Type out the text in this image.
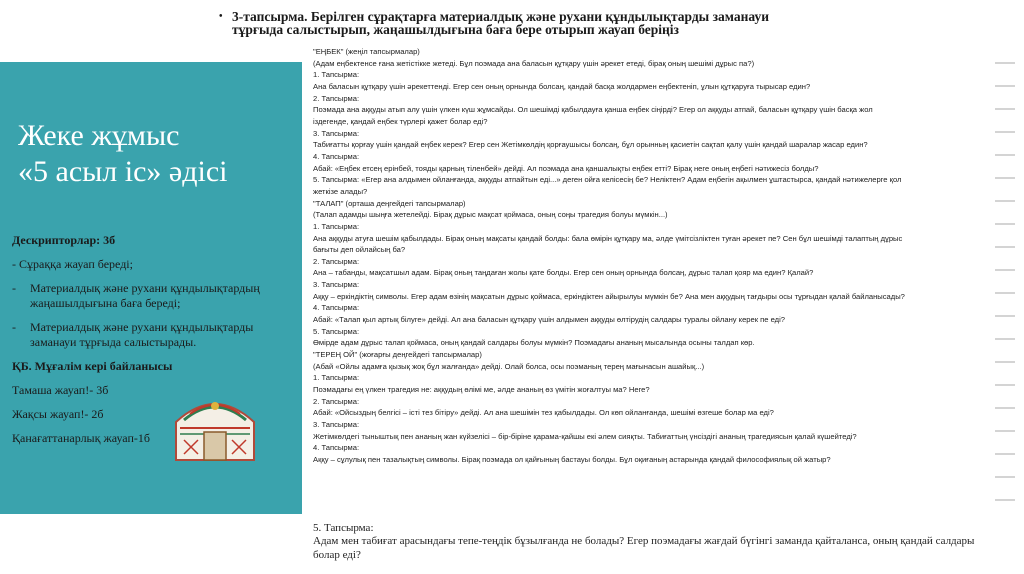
• 3-тапсырма. Берілген сұрақтарға материалдық және рухани құндылықтарды заманауи тұрғыда салыстырып, жаңашылдығына баға бере отырып жауап беріңіз
Жеке жұмыс
«5 асыл іс» әдісі
Дескрипторлар: 3б
- Сұраққа жауап береді;
- Материалдық және рухани құндылықтардың жаңашылдығына баға береді;
- Материалдық және рухани құндылықтарды заманауи тұрғыда салыстырады.
ҚБ. Мұғалім кері байланысы
Тамаша жауап!- 3б
Жақсы жауап!- 2б
Қанағаттанарлық жауап-1б

"ЕҢБЕК" (жеңіл тапсырмалар)

(Адам еңбектенсе ғана жетістікке жетеді. Бұл поэмада ана баласын құтқару үшін әрекет етеді, бірақ оның шешімі дұрыс па?)

1. Тапсырма:

Ана баласын құтқару үшін әрекеттенді. Егер сен оның орнында болсаң, қандай басқа жолдармен еңбектеніп, ұлын құтқаруға тырысар един?

2. Тапсырма:

Поэмада ана аққуды атып алу үшін үлкен күш жұмсайды. Ол шешімді қабылдауға қанша еңбек сіңірді? Егер ол аққуды атпай, баласын құтқару үшін басқа жол

іздегенде, қандай еңбек түрлері қажет болар еді?

3. Тапсырма:

Табиғатты қорғау үшін қандай еңбек керек? Егер сен Жетімкөлдің қорғаушысы болсаң, бұл орынның қасиетін сақтап қалу үшін қандай шаралар жасар един?

4. Тапсырма:

Абай: «Еңбек етсең ерінбей, тояды қарның тіленбей» дейді. Ал поэмада ана қаншалықты еңбек етті? Бірақ неге оның еңбегі нәтижесіз болды?

5. Тапсырма: «Егер ана алдымен ойланғанда, аққуды атпайтын еді...» деген ойға келісесің бе? Неліктен? Адам еңбегін ақылмен ұштастырса, қандай нәтижелерге қол

жеткізе алады?

"ТАЛАП" (орташа деңгейдегі тапсырмалар)

(Талап адамды шыңға жетелейді. Бірақ дұрыс мақсат қоймаса, оның соңы трагедия болуы мүмкін...)

1. Тапсырма:

Ана аққуды атуға шешім қабылдады. Бірақ оның мақсаты қандай болды: бала өмірін құтқару ма, әлде үмітсізліктен туған әрекет пе? Сен бұл шешімді талаптың дұрыс

бағыты деп ойлайсың ба?

2. Тапсырма:

Ана – табанды, мақсатшыл адам. Бірақ оның таңдаған жолы қате болды. Егер сен оның орнында болсаң, дұрыс талап қояр ма един? Қалай?

3. Тапсырма:

Аққу – еркіндіктің символы. Егер адам өзінің мақсатын дұрыс қоймаса, еркіндіктен айырылуы мүмкін бе? Ана мен аққудың тағдыры осы тұрғыдан қалай байланысады?

4. Тапсырма:

Абай: «Талап қыл артық білуге» дейді. Ал ана баласын құтқару үшін алдымен аққуды өлтірудің салдары туралы ойлану керек пе еді?

5. Тапсырма:

Өмірде адам дұрыс талап қоймаса, оның қандай салдары болуы мүмкін? Поэмадағы ананың мысалында осыны талдап көр.

"ТЕРЕҢ ОЙ" (жоғарғы деңгейдегі тапсырмалар)

(Абай «Ойлы адамға қызық жоқ бұл жалғанда» дейді. Олай болса, осы поэманың терең мағынасын ашайық...)

1. Тапсырма:

Поэмадағы ең үлкен трагедия не: аққудың өлімі ме, әлде ананың өз үмітін жоғалтуы ма? Неге?

2. Тапсырма:

Абай: «Ойсыздың белгісі – істі тез бітіру» дейді. Ал ана шешімін тез қабылдады. Ол көп ойланғанда, шешімі өзгеше болар ма еді?

3. Тапсырма:

Жетімкөлдегі тыныштық пен ананың жан күйзелісі – бір-біріне қарама-қайшы екі әлем сияқты. Табиғаттың үнсіздігі ананың трагедиясын қалай күшейтеді?

4. Тапсырма:

Аққу – сұлулық пен тазалықтың символы. Бірақ поэмада ол қайғының бастауы болды. Бұл оқиғаның астарында қандай философиялық ой жатыр?

5. Тапсырма:

Адам мен табиғат арасындағы тепе-теңдік бұзылғанда не болады? Егер поэмадағы жағдай бүгінгі заманда қайталанса, оның қандай салдары болар еді?
